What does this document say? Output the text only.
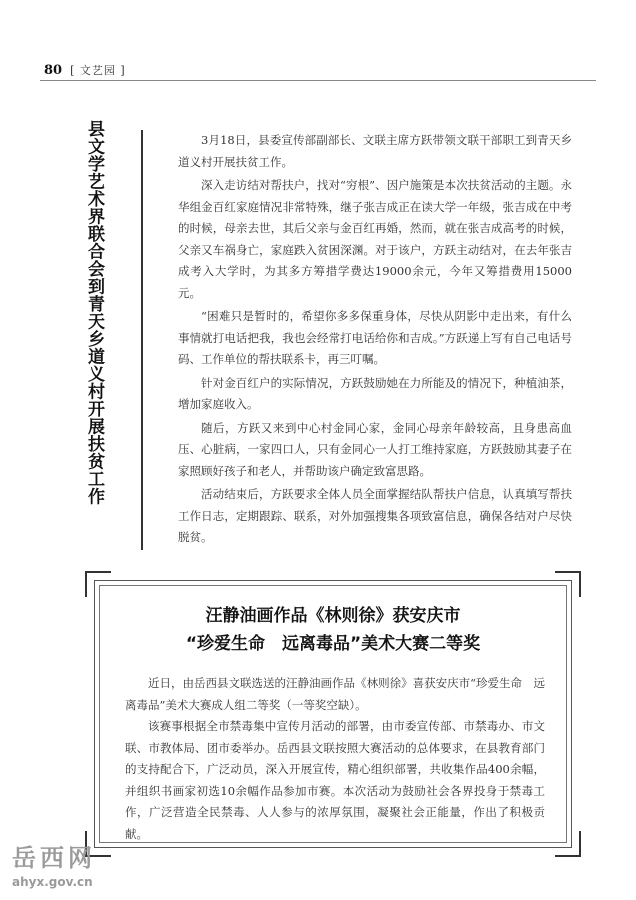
80 [ 文艺园 ]
县文学艺术界联合会到青天乡道义村开展扶贫工作	3月18日，县委宣传部副部长、文联主席方跃带领文联干部职工到青天乡道义村开展扶贫工作。

深入走访结对帮扶户，找对“穷根”、因户施策是本次扶贫活动的主题。永华组金百红家庭情况非常特殊，继子张吉成正在读大学一年级，张吉成在中考的时候，母亲去世，其后父亲与金百红再婚，然而，就在张吉成高考的时候，父亲又车祸身亡，家庭跌入贫困深渊。对于该户，方跃主动结对，在去年张吉成考入大学时，为其多方筹措学费达19000余元，今年又筹措费用15000元。

“困难只是暂时的，希望你多多保重身体，尽快从阴影中走出来，有什么事情就打电话把我，我也会经常打电话给你和吉成。”方跃递上写有自己电话号码、工作单位的帮扶联系卡，再三叮嘱。

针对金百红户的实际情况，方跃鼓励她在力所能及的情况下，种植油茶，增加家庭收入。

随后，方跃又来到中心村金同心家，金同心母亲年龄较高，且身患高血压、心脏病，一家四口人，只有金同心一人打工维持家庭，方跃鼓励其妻子在家照顾好孩子和老人，并帮助该户确定致富思路。

活动结束后，方跃要求全体人员全面掌握结队帮扶户信息，认真填写帮扶工作日志，定期跟踪、联系，对外加强搜集各项致富信息，确保各结对户尽快脱贫。

汪静油画作品《林则徐》获安庆市
“珍爱生命　远离毒品”美术大赛二等奖

近日，由岳西县文联选送的汪静油画作品《林则徐》喜获安庆市“珍爱生命　远离毒品”美术大赛成人组二等奖（一等奖空缺）。

该赛事根据全市禁毒集中宣传月活动的部署，由市委宣传部、市禁毒办、市文联、市教体局、团市委举办。岳西县文联按照大赛活动的总体要求，在县教育部门的支持配合下，广泛动员，深入开展宣传，精心组织部署，共收集作品400余幅，并组织书画家初选10余幅作品参加市赛。本次活动为鼓励社会各界投身于禁毒工作，广泛营造全民禁毒、人人参与的浓厚氛围，凝聚社会正能量，作出了积极贡献。

岳西网
ahyx.gov.cn
